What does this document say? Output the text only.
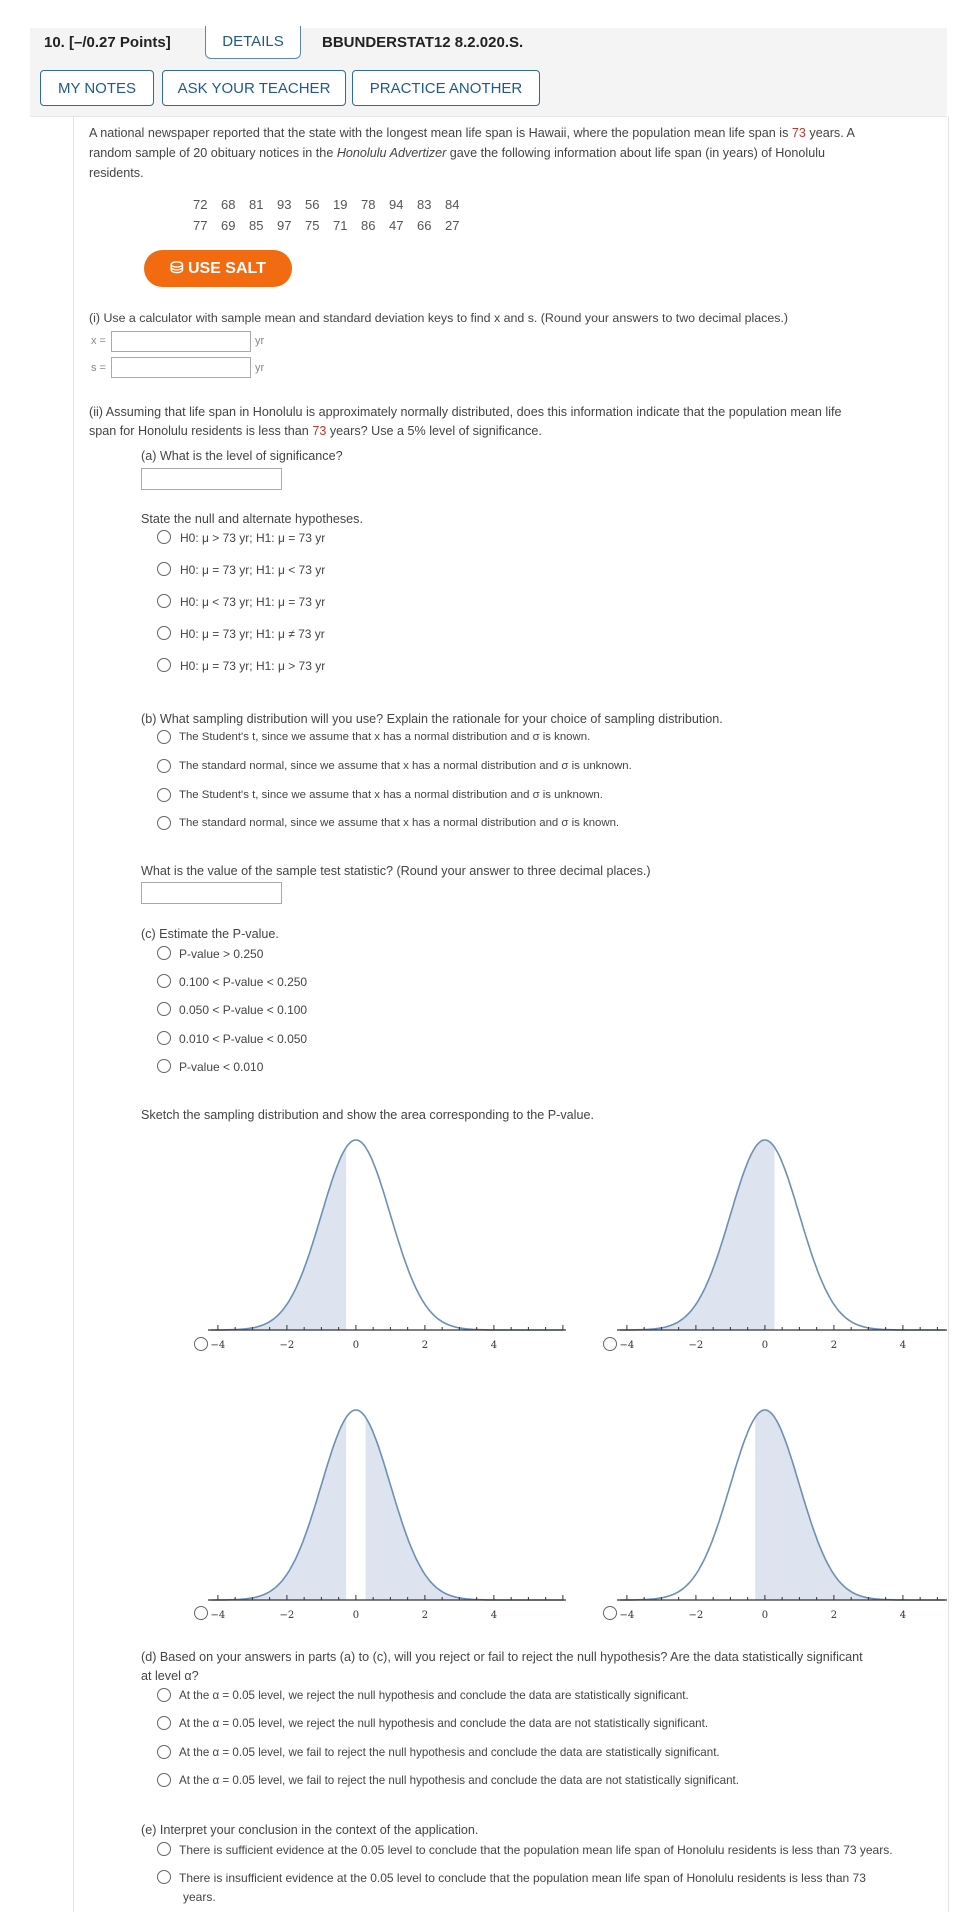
10. [–/0.27 Points]	DETAILS	BBUNDERSTAT12 8.2.020.S.
MY NOTES	ASK YOUR TEACHER	PRACTICE ANOTHER
A national newspaper reported that the state with the longest mean life span is Hawaii, where the population mean life span is 73 years. A
random sample of 20 obituary notices in the Honolulu Advertizer gave the following information about life span (in years) of Honolulu
residents.
72 68 81 93 56 19 78 94 83 84
77 69 85 97 75 71 86 47 66 27
⛁ USE SALT
(i) Use a calculator with sample mean and standard deviation keys to find x and s. (Round your answers to two decimal places.)
x =	yr
s =	yr
(ii) Assuming that life span in Honolulu is approximately normally distributed, does this information indicate that the population mean life
span for Honolulu residents is less than 73 years? Use a 5% level of significance.
(a) What is the level of significance?
State the null and alternate hypotheses.
H0: μ > 73 yr; H1: μ = 73 yr
H0: μ = 73 yr; H1: μ < 73 yr
H0: μ < 73 yr; H1: μ = 73 yr
H0: μ = 73 yr; H1: μ ≠ 73 yr
H0: μ = 73 yr; H1: μ > 73 yr
(b) What sampling distribution will you use? Explain the rationale for your choice of sampling distribution.
The Student's t, since we assume that x has a normal distribution and σ is known.
The standard normal, since we assume that x has a normal distribution and σ is unknown.
The Student's t, since we assume that x has a normal distribution and σ is unknown.
The standard normal, since we assume that x has a normal distribution and σ is known.
What is the value of the sample test statistic? (Round your answer to three decimal places.)
(c) Estimate the P-value.
P-value > 0.250
0.100 < P-value < 0.250
0.050 < P-value < 0.100
0.010 < P-value < 0.050
P-value < 0.010
Sketch the sampling distribution and show the area corresponding to the P-value.
−4	−2	0	2	4	−4	−2	0	2	4
−4	−2	0	2	4	−4	−2	0	2	4
(d) Based on your answers in parts (a) to (c), will you reject or fail to reject the null hypothesis? Are the data statistically significant
at level α?
At the α = 0.05 level, we reject the null hypothesis and conclude the data are statistically significant.
At the α = 0.05 level, we reject the null hypothesis and conclude the data are not statistically significant.
At the α = 0.05 level, we fail to reject the null hypothesis and conclude the data are statistically significant.
At the α = 0.05 level, we fail to reject the null hypothesis and conclude the data are not statistically significant.
(e) Interpret your conclusion in the context of the application.
There is sufficient evidence at the 0.05 level to conclude that the population mean life span of Honolulu residents is less than 73 years.
There is insufficient evidence at the 0.05 level to conclude that the population mean life span of Honolulu residents is less than 73
years.
